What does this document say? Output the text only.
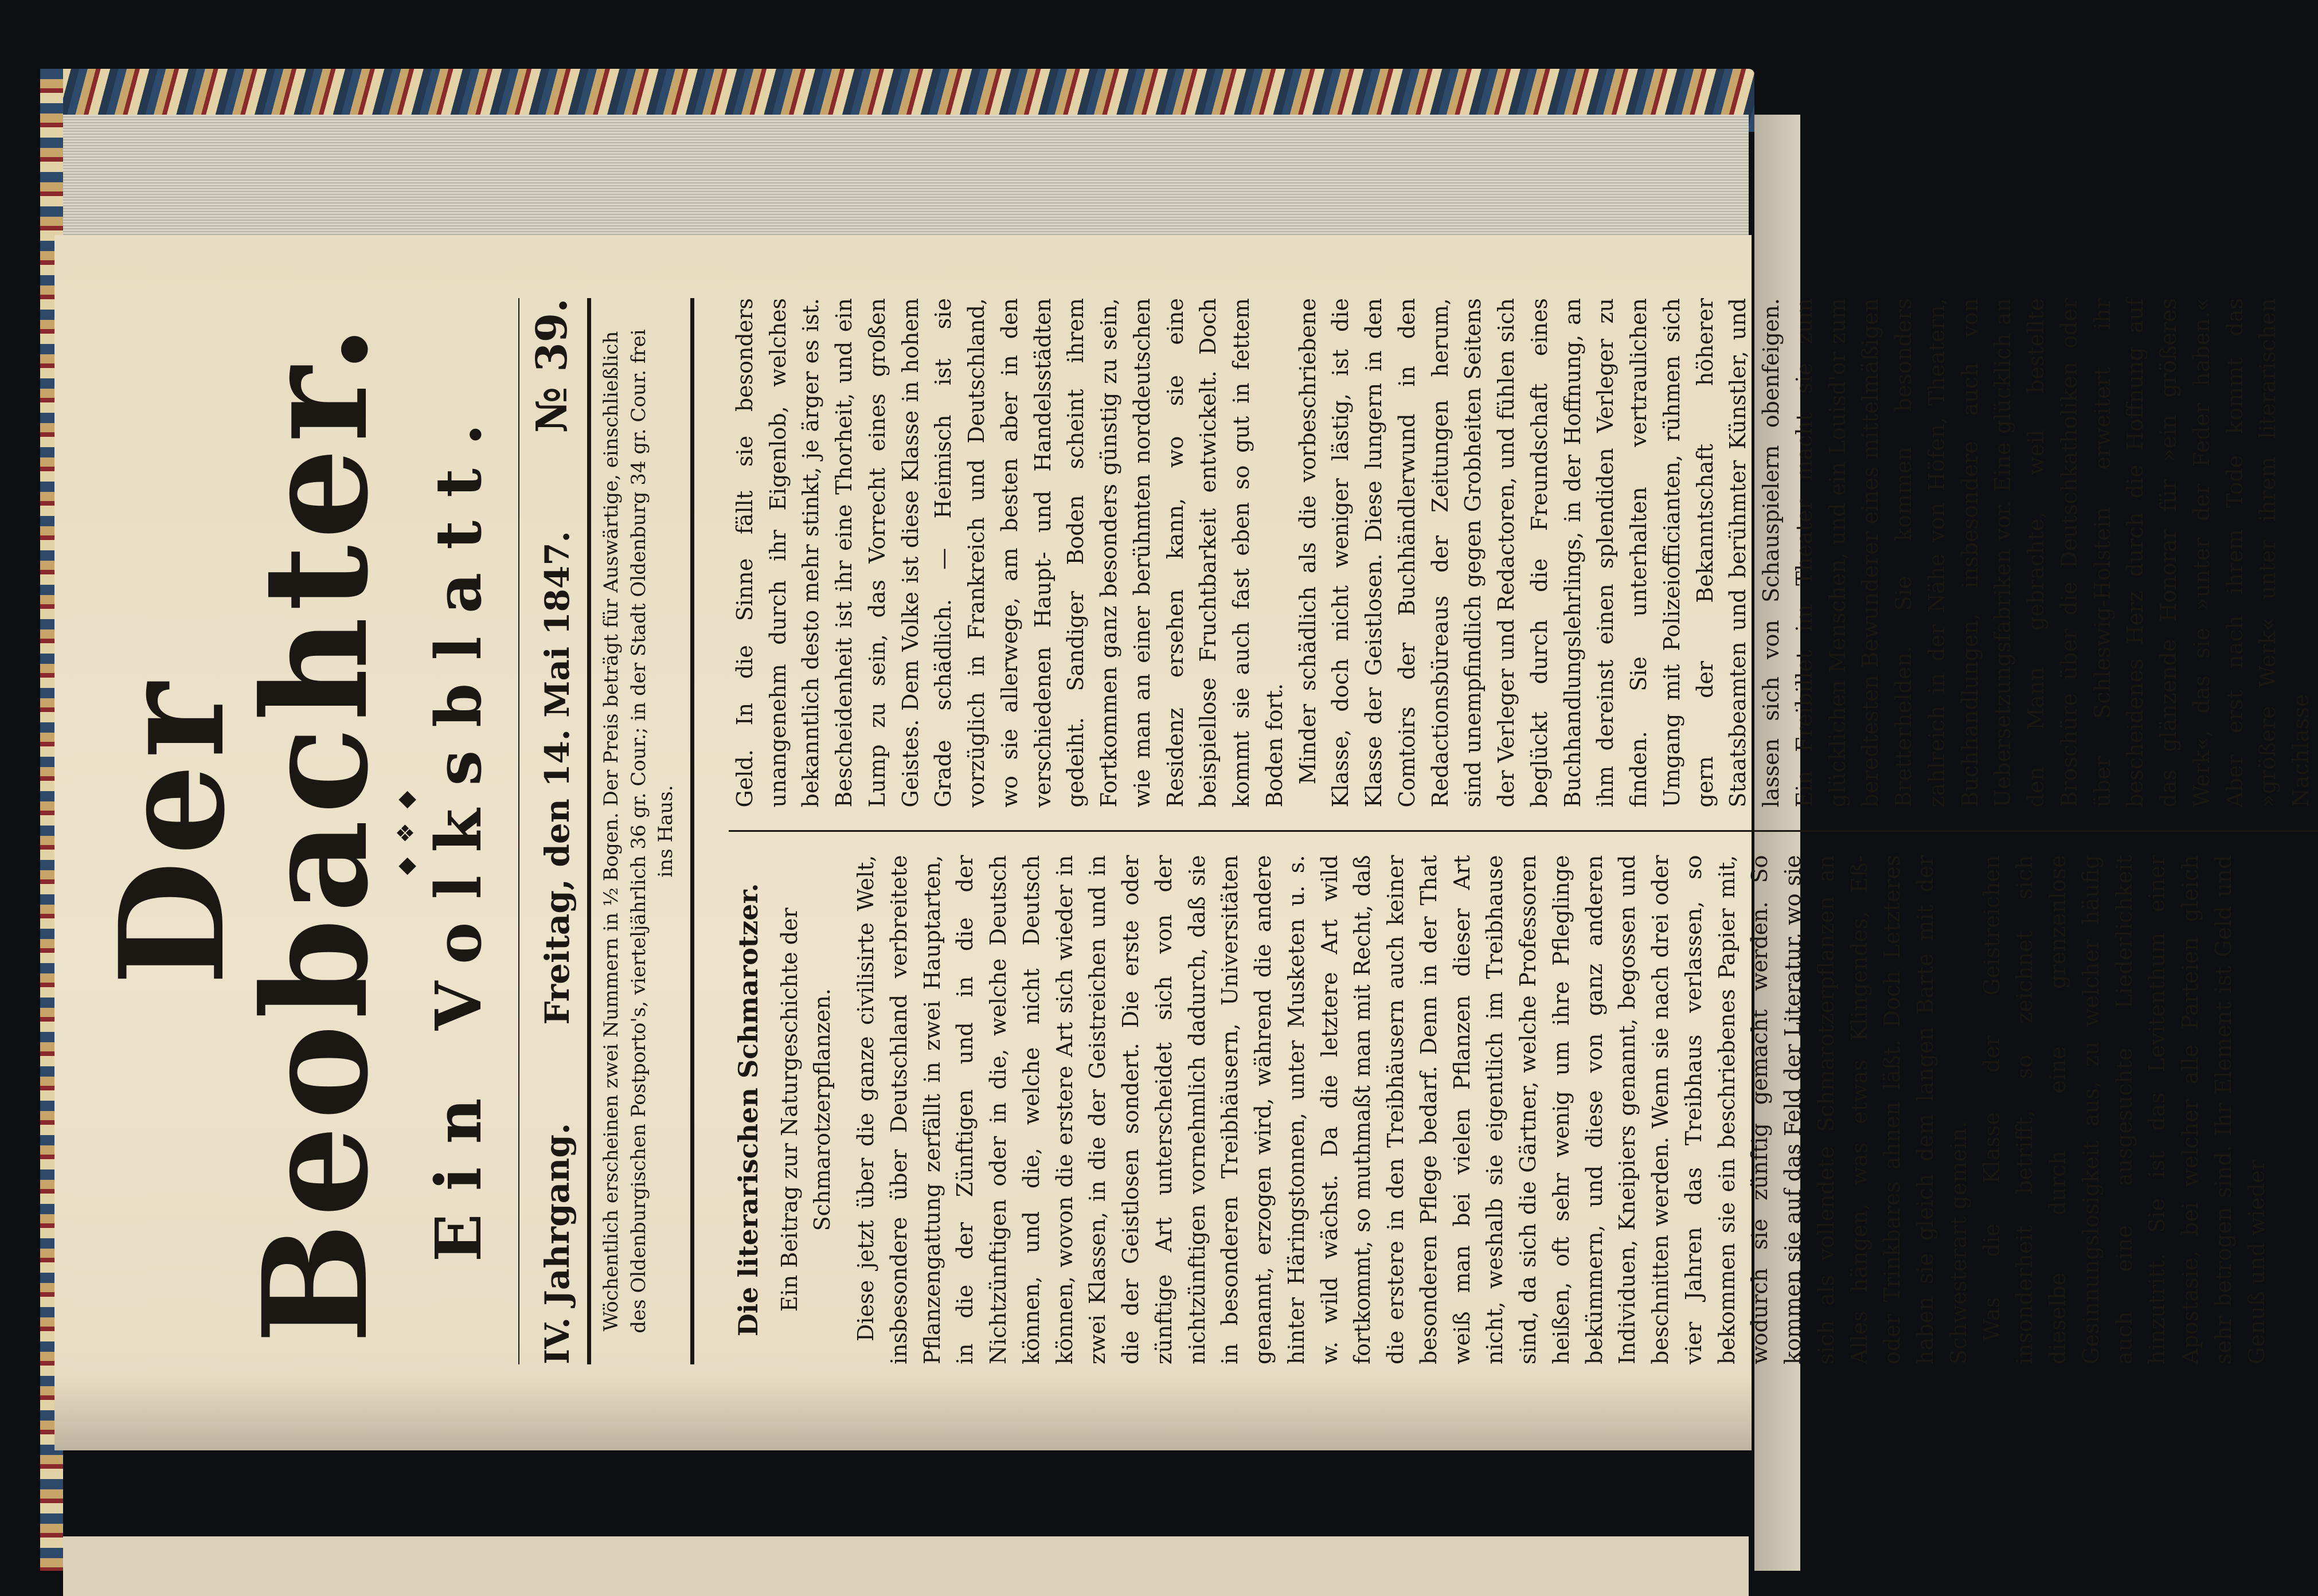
Der Beobachter.
◆ ❖ ◆ Ein Volksblatt. IV. Jahrgang.
Freitag, den 14. Mai 1847.
№ 39.	Wöchentlich erscheinen zwei Nummern in ½ Bogen. Der Preis beträgt für Auswärtige, einschließlich des Oldenburgischen Postporto's, vierteljährlich 36 gr. Cour.; in der Stadt Oldenburg 34 gr. Cour. frei ins Haus.
Die literarischen Schmarotzer. Ein Beitrag zur Naturgeschichte der Schmarotzerpflanzen. Diese jetzt über die ganze civilisirte Welt, insbesondere über Deutschland verbreitete Pflanzengattung zerfällt in zwei Hauptarten, in die der Zünftigen und in die der Nichtzünftigen oder in die, welche Deutsch können, und die, welche nicht Deutsch können, wovon die erstere Art sich wieder in zwei Klassen, in die der Geistreichen und in die der Geistlosen sondert. Die erste oder zünftige Art unterscheidet sich von der nichtzünftigen vornehmlich dadurch, daß sie in besonderen Treibhäusern, Universitäten genannt, erzogen wird, während die andere hinter Häringstonnen, unter Musketen u. s. w. wild wächst. Da die letztere Art wild fortkommt, so muthmaßt man mit Recht, daß die erstere in den Treibhäusern auch keiner besonderen Pflege bedarf. Denn in der That weiß man bei vielen Pflanzen dieser Art nicht, weshalb sie eigentlich im Treibhause sind, da sich die Gärtner, welche Professoren heißen, oft sehr wenig um ihre Pfleglinge bekümmern, und diese von ganz anderen Individuen, Kneipiers genannt, begossen und beschnitten werden. Wenn sie nach drei oder vier Jahren das Treibhaus verlassen, so bekommen sie ein beschriebenes Papier mit, wodurch sie zünftig gemacht werden. So kommen sie auf das Feld der Literatur, wo sie sich als vollendete Schmarotzerpflanzen an Alles hängen, was etwas Klingendes, Eß- oder Trinkbares ahnen läßt. Doch Letzteres haben sie gleich dem langen Barte mit der Schwesterart gemein. Was die Klasse der Geistreichen insonderheit betrifft, so zeichnet sich dieselbe durch eine grenzenlose Gesinnungslosigkeit aus, zu welcher häufig auch eine ausgesuchte Liederlichkeit hinzutritt. Sie ist das Levitenthum einer Apostasie, bei welcher alle Parteien gleich sehr betrogen sind. Ihr Element ist Geld und Genuß und wieder

Geld. In die Sinne fällt sie besonders unangenehm durch ihr Eigenlob, welches bekanntlich desto mehr stinkt, je ärger es ist. Bescheidenheit ist ihr eine Thorheit, und ein Lump zu sein, das Vorrecht eines großen Geistes. Dem Volke ist diese Klasse in hohem Grade schädlich. — Heimisch ist sie vorzüglich in Frankreich und Deutschland, wo sie allerwege, am besten aber in den verschiedenen Haupt- und Handelsstädten gedeiht. Sandiger Boden scheint ihrem Fortkommen ganz besonders günstig zu sein, wie man an einer berühmten norddeutschen Residenz ersehen kann, wo sie eine beispiellose Fruchtbarkeit entwickelt. Doch kommt sie auch fast eben so gut in fettem Boden fort. Minder schädlich als die vorbeschriebene Klasse, doch nicht weniger lästig, ist die Klasse der Geistlosen. Diese lungern in den Comtoirs der Buchhändlerwund in den Redactionsbüreaus der Zeitungen herum, sind unempfindlich gegen Grobheiten Seitens der Verleger und Redactoren, und fühlen sich beglückt durch die Freundschaft eines Buchhandlungslehrlings, in der Hoffnung, an ihm dereinst einen splendiden Verleger zu finden. Sie unterhalten vertraulichen Umgang mit Polizeiofficianten, rühmen sich gern der Bekanntschaft höherer Staatsbeamten und berühmter Künstler, und lassen sich von Schauspielern obenfeigen. Ein Freibillet im Theater macht sie zum glücklichen Menschen, und ein Louisd'or zum beredtesten Bewunderer eines mittelmäßigen Bretterhelden. Sie kommen besonders zahlreich in der Nähe von Höfen, Theatern, Buchhandlungen, insbesondere auch von Uebersetzungsfabriken vor. Eine glücklich an den Mann gebrachte, weil bestellte Broschüre über die Deutschkatholiken oder über Schleswig-Holstein erweitert ihr bescheidenes Herz durch die Hoffnung auf das glänzende Honorar für »ein größeres Werk«, das sie »unter der Feder haben.« Aber erst nach ihrem Tode kommt das »größere Werk« unter ihrem literarischen Nachlasse
